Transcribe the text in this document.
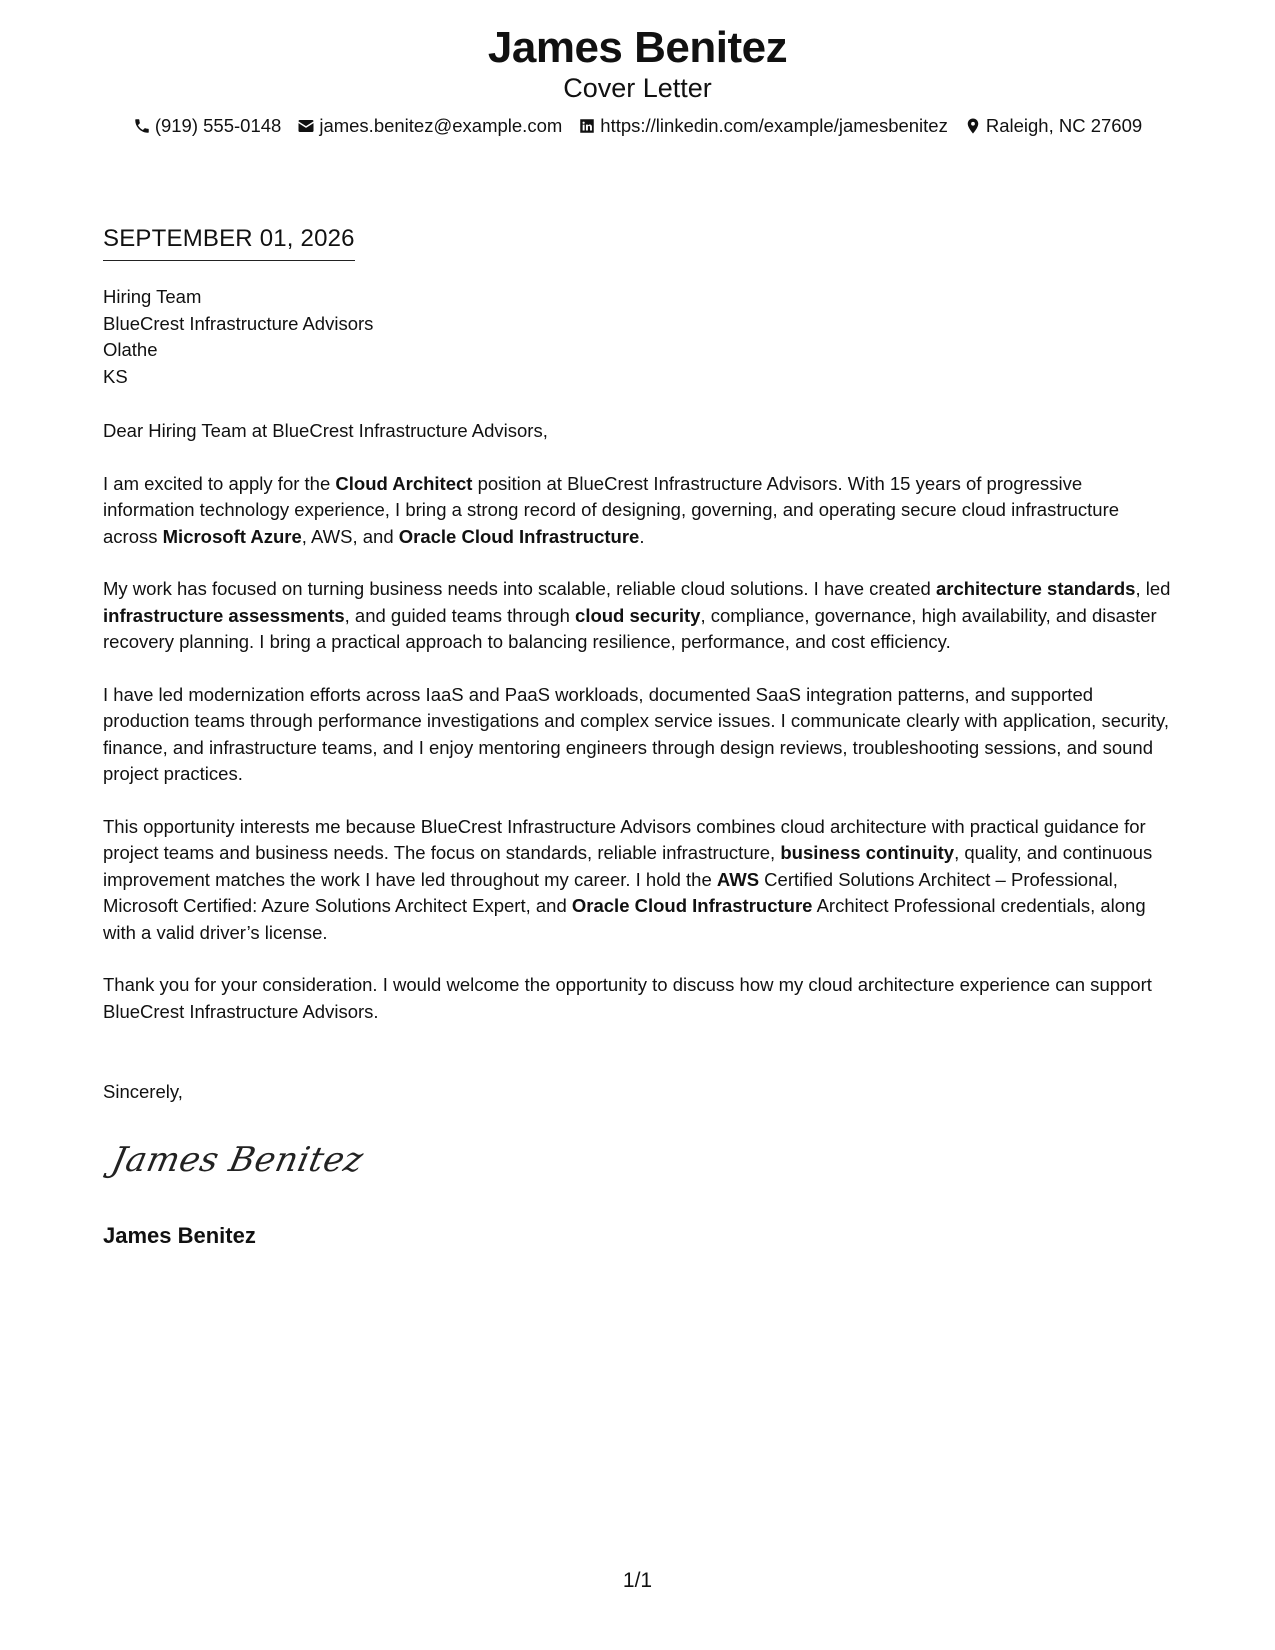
James Benitez
Cover Letter
(919) 555-0148 james.benitez@example.com https://linkedin.com/example/jamesbenitez Raleigh, NC 27609
SEPTEMBER 01, 2026
Hiring Team
BlueCrest Infrastructure Advisors
Olathe
KS

Dear Hiring Team at BlueCrest Infrastructure Advisors,

I am excited to apply for the Cloud Architect position at BlueCrest Infrastructure Advisors. With 15 years of progressive information technology experience, I bring a strong record of designing, governing, and operating secure cloud infrastructure across Microsoft Azure, AWS, and Oracle Cloud Infrastructure.

My work has focused on turning business needs into scalable, reliable cloud solutions. I have created architecture standards, led infrastructure assessments, and guided teams through cloud security, compliance, governance, high availability, and disaster recovery planning. I bring a practical approach to balancing resilience, performance, and cost efficiency.

I have led modernization efforts across IaaS and PaaS workloads, documented SaaS integration patterns, and supported production teams through performance investigations and complex service issues. I communicate clearly with application, security, finance, and infrastructure teams, and I enjoy mentoring engineers through design reviews, troubleshooting sessions, and sound project practices.

This opportunity interests me because BlueCrest Infrastructure Advisors combines cloud architecture with practical guidance for project teams and business needs. The focus on standards, reliable infrastructure, business continuity, quality, and continuous improvement matches the work I have led throughout my career. I hold the AWS Certified Solutions Architect – Professional, Microsoft Certified: Azure Solutions Architect Expert, and Oracle Cloud Infrastructure Architect Professional credentials, along with a valid driver’s license.

Thank you for your consideration. I would welcome the opportunity to discuss how my cloud architecture experience can support BlueCrest Infrastructure Advisors.

Sincerely,
James Benitez
James Benitez
1/1
